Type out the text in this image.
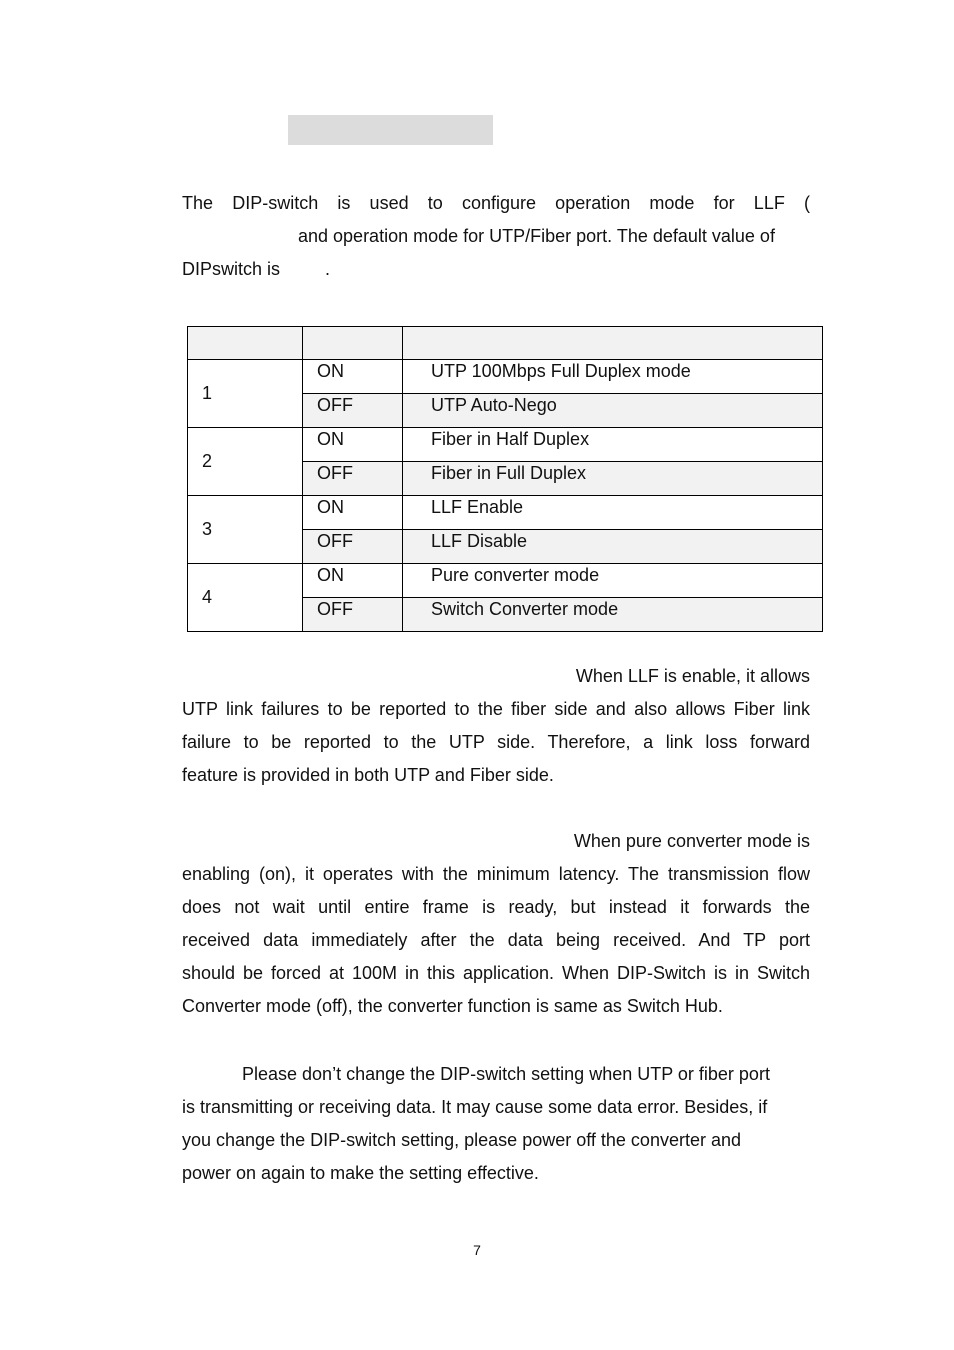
The DIP-switch is used to configure operation mode for LLF (
and operation mode for UTP/Fiber port. The default value of
DIPswitch is	.

1	ON	UTP 100Mbps Full Duplex mode
	OFF	UTP Auto-Nego
2	ON	Fiber in Half Duplex
	OFF	Fiber in Full Duplex
3	ON	LLF Enable
	OFF	LLF Disable
4	ON	Pure converter mode
	OFF	Switch Converter mode
When LLF is enable, it allows
UTP link failures to be reported to the fiber side and also allows Fiber link
failure to be reported to the UTP side. Therefore, a link loss forward
feature is provided in both UTP and Fiber side.
When pure converter mode is
enabling (on), it operates with the minimum latency. The transmission flow
does not wait until entire frame is ready, but instead it forwards the
received data immediately after the data being received. And TP port
should be forced at 100M in this application. When DIP-Switch is in Switch
Converter mode (off), the converter function is same as Switch Hub.
Please don’t change the DIP-switch setting when UTP or fiber port
is transmitting or receiving data. It may cause some data error. Besides, if
you change the DIP-switch setting, please power off the converter and
power on again to make the setting effective.
7
